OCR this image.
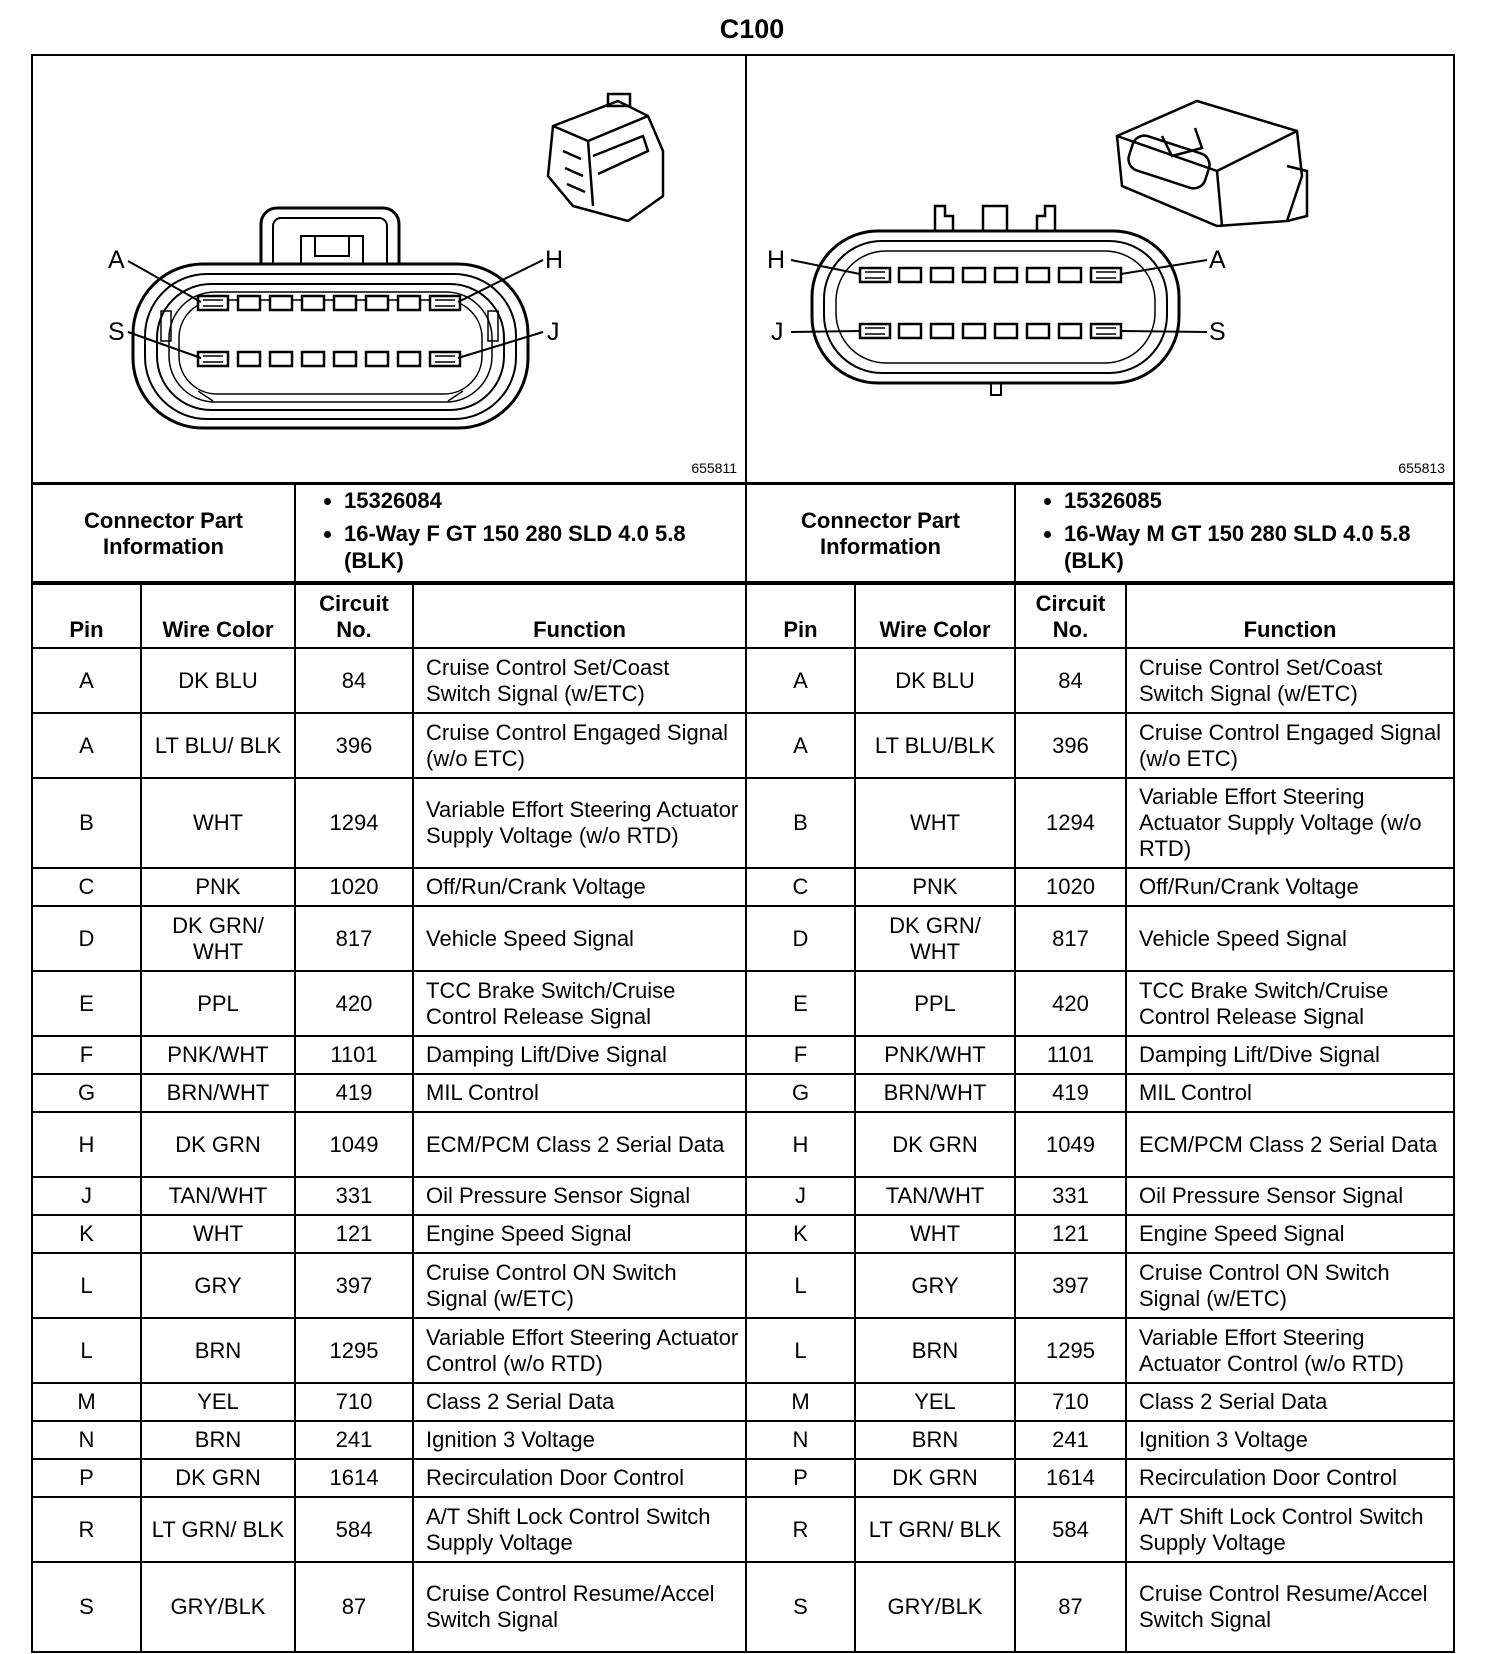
C100
A	H
S	J
655811
H	A
J	S
655813
Connector Part Information	
• 15326084
• 16-Way F GT 150 280 SLD 4.0 5.8 (BLK)
Connector Part Information	
• 15326085
• 16-Way M GT 150 280 SLD 4.0 5.8 (BLK)
Pin	Wire Color	Circuit No.	Function
A	DK BLU	84	Cruise Control Set/Coast Switch Signal (w/ETC)
A	LT BLU/ BLK	396	Cruise Control Engaged Signal (w/o ETC)
B	WHT	1294	Variable Effort Steering Actuator Supply Voltage (w/o RTD)
C	PNK	1020	Off/Run/Crank Voltage
D	DK GRN/ WHT	817	Vehicle Speed Signal
E	PPL	420	TCC Brake Switch/Cruise Control Release Signal
F	PNK/WHT	1101	Damping Lift/Dive Signal
G	BRN/WHT	419	MIL Control
H	DK GRN	1049	ECM/PCM Class 2 Serial Data
J	TAN/WHT	331	Oil Pressure Sensor Signal
K	WHT	121	Engine Speed Signal
L	GRY	397	Cruise Control ON Switch Signal (w/ETC)
L	BRN	1295	Variable Effort Steering Actuator Control (w/o RTD)
M	YEL	710	Class 2 Serial Data
N	BRN	241	Ignition 3 Voltage
P	DK GRN	1614	Recirculation Door Control
R	LT GRN/ BLK	584	A/T Shift Lock Control Switch Supply Voltage
S	GRY/BLK	87	Cruise Control Resume/Accel Switch Signal
Pin	Wire Color	Circuit No.	Function
A	DK BLU	84	Cruise Control Set/Coast Switch Signal (w/ETC)
A	LT BLU/BLK	396	Cruise Control Engaged Signal (w/o ETC)
B	WHT	1294	Variable Effort Steering Actuator Supply Voltage (w/o RTD)
C	PNK	1020	Off/Run/Crank Voltage
D	DK GRN/ WHT	817	Vehicle Speed Signal
E	PPL	420	TCC Brake Switch/Cruise Control Release Signal
F	PNK/WHT	1101	Damping Lift/Dive Signal
G	BRN/WHT	419	MIL Control
H	DK GRN	1049	ECM/PCM Class 2 Serial Data
J	TAN/WHT	331	Oil Pressure Sensor Signal
K	WHT	121	Engine Speed Signal
L	GRY	397	Cruise Control ON Switch Signal (w/ETC)
L	BRN	1295	Variable Effort Steering Actuator Control (w/o RTD)
M	YEL	710	Class 2 Serial Data
N	BRN	241	Ignition 3 Voltage
P	DK GRN	1614	Recirculation Door Control
R	LT GRN/ BLK	584	A/T Shift Lock Control Switch Supply Voltage
S	GRY/BLK	87	Cruise Control Resume/Accel Switch Signal
